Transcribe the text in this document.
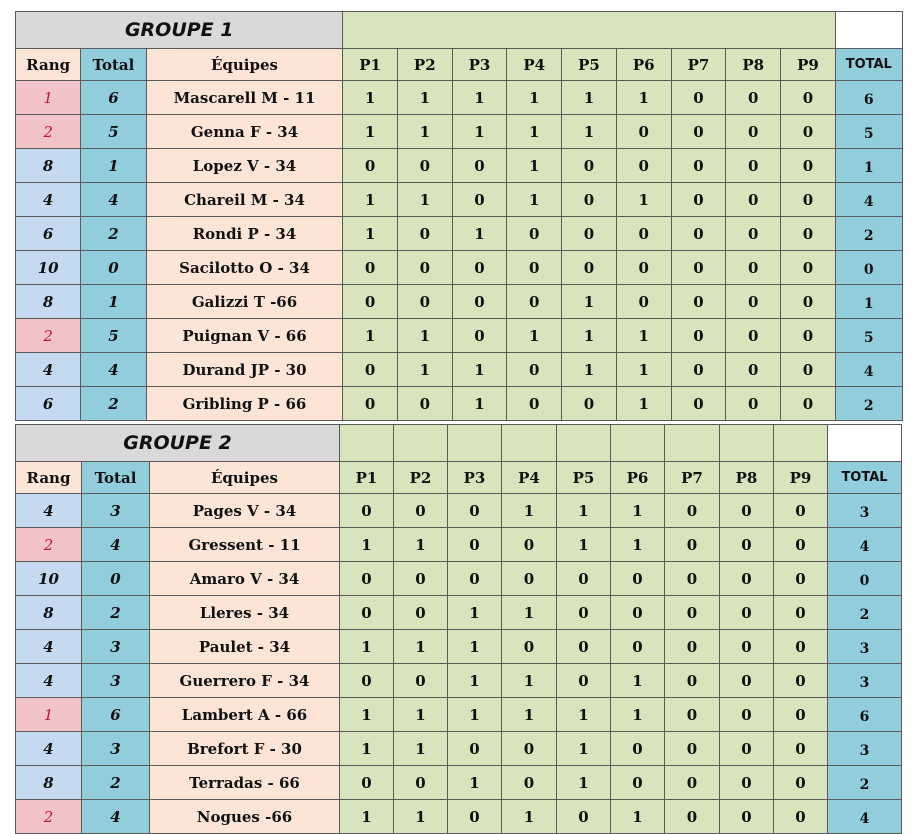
GROUPE 1												
Rang	Total	Équipes	P1	P2	P3	P4	P5	P6	P7	P8	P9	TOTAL
1	6	Mascarell M - 11	1	1	1	1	1	1	0	0	0	6
2	5	Genna F - 34	1	1	1	1	1	0	0	0	0	5
8	1	Lopez V - 34	0	0	0	1	0	0	0	0	0	1
4	4	Chareil M - 34	1	1	0	1	0	1	0	0	0	4
6	2	Rondi P - 34	1	0	1	0	0	0	0	0	0	2
10	0	Sacilotto O - 34	0	0	0	0	0	0	0	0	0	0
8	1	Galizzi T -66	0	0	0	0	1	0	0	0	0	1
2	5	Puignan V - 66	1	1	0	1	1	1	0	0	0	5
4	4	Durand JP - 30	0	1	1	0	1	1	0	0	0	4
6	2	Gribling P - 66	0	0	1	0	0	1	0	0	0	2
GROUPE 2												
Rang	Total	Équipes	P1	P2	P3	P4	P5	P6	P7	P8	P9	TOTAL
4	3	Pages V - 34	0	0	0	1	1	1	0	0	0	3
2	4	Gressent - 11	1	1	0	0	1	1	0	0	0	4
10	0	Amaro V - 34	0	0	0	0	0	0	0	0	0	0
8	2	Lleres - 34	0	0	1	1	0	0	0	0	0	2
4	3	Paulet - 34	1	1	1	0	0	0	0	0	0	3
4	3	Guerrero F - 34	0	0	1	1	0	1	0	0	0	3
1	6	Lambert A - 66	1	1	1	1	1	1	0	0	0	6
4	3	Brefort F - 30	1	1	0	0	1	0	0	0	0	3
8	2	Terradas - 66	0	0	1	0	1	0	0	0	0	2
2	4	Nogues -66	1	1	0	1	0	1	0	0	0	4
